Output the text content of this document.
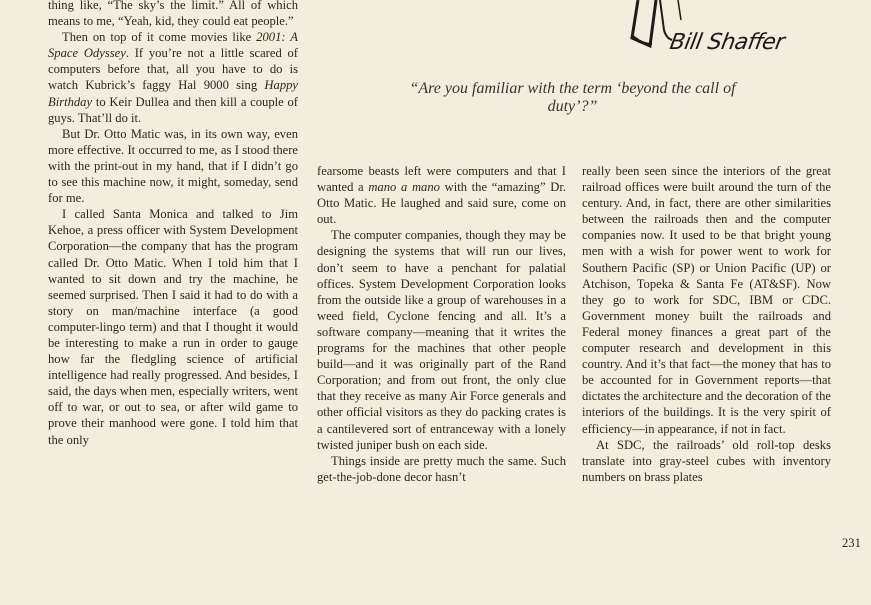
Bill Shaffer
“Are you familiar with the term ‘beyond the call of duty’?”

thing like, “The sky’s the limit.” All of which means to me, “Yeah, kid, they could eat people.”

Then on top of it come movies like 2001: A Space Odyssey. If you’re not a little scared of computers before that, all you have to do is watch Kubrick’s faggy Hal 9000 sing Happy Birthday to Keir Dullea and then kill a couple of guys. That’ll do it.

But Dr. Otto Matic was, in its own way, even more effective. It occurred to me, as I stood there with the print-out in my hand, that if I didn’t go to see this machine now, it might, someday, send for me.

I called Santa Monica and talked to Jim Kehoe, a press officer with System Development Corporation—the company that has the program called Dr. Otto Matic. When I told him that I wanted to sit down and try the machine, he seemed surprised. Then I said it had to do with a story on man/machine interface (a good computer-lingo term) and that I thought it would be interesting to make a run in order to gauge how far the fledgling science of artificial intelligence had really progressed. And besides, I said, the days when men, especially writers, went off to war, or out to sea, or after wild game to prove their manhood were gone. I told him that the only

fearsome beasts left were computers and that I wanted a mano a mano with the “amazing” Dr. Otto Matic. He laughed and said sure, come on out.

The computer companies, though they may be designing the systems that will run our lives, don’t seem to have a penchant for palatial offices. System Development Corporation looks from the outside like a group of warehouses in a weed field, Cyclone fencing and all. It’s a software company—meaning that it writes the programs for the machines that other people build—and it was originally part of the Rand Corporation; and from out front, the only clue that they receive as many Air Force generals and other official visitors as they do packing crates is a cantilevered sort of entranceway with a lonely twisted juniper bush on each side.

Things inside are pretty much the same. Such get-the-job-done decor hasn’t

really been seen since the interiors of the great railroad offices were built around the turn of the century. And, in fact, there are other similarities between the railroads then and the computer companies now. It used to be that bright young men with a wish for power went to work for Southern Pacific (SP) or Union Pacific (UP) or Atchison, Topeka & Santa Fe (AT&SF). Now they go to work for SDC, IBM or CDC. Government money built the railroads and Federal money finances a great part of the computer research and development in this country. And it’s that fact—the money that has to be accounted for in Government reports—that dictates the architecture and the decoration of the interiors of the buildings. It is the very spirit of efficiency—in appearance, if not in fact.

At SDC, the railroads’ old roll-top desks translate into gray-steel cubes with inventory numbers on brass plates

231
